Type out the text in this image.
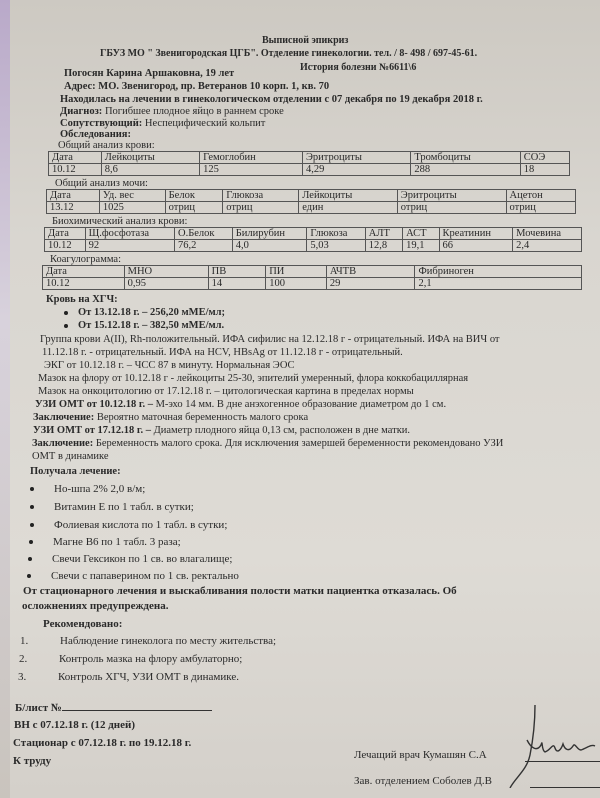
Выписной эпикриз
ГБУЗ МО " Звенигородская ЦГБ". Отделение гинекологии. тел. / 8- 498 / 697-45-61.
История болезни №6611\6
Погосян Карина Аршаковна, 19 лет
Адрес: МО. Звенигород, пр. Ветеранов 10 корп. 1, кв. 70
Находилась на лечении в гинекологическом отделении с 07 декабря по 19 декабря 2018 г.
Диагноз: Погибшее плодное яйцо в раннем сроке
Сопутствующий: Неспецифический кольпит
Обследования:
Общий анализ крови:
Дата	Лейкоциты	Гемоглобин	Эритроциты	Тромбоциты	СОЭ
10.12	8,6	125	4,29	288	18
Общий анализ мочи:
Дата	Уд. вес	Белок	Глюкоза	Лейкоциты	Эритроциты	Ацетон
13.12	1025	отриц	отриц	един	отриц	отриц
Биохимический анализ крови:
Дата	Щ.фосфотаза	О.Белок	Билирубин	Глюкоза	АЛТ	АСТ	Креатинин	Мочевина
10.12	92	76,2	4,0	5,03	12,8	19,1	66	2,4
Коагулограмма:
Дата	МНО	ПВ	ПИ	АЧТВ	Фибриноген
10.12	0,95	14	100	29	2,1
Кровь на ХГЧ:
От 13.12.18 г. – 256,20 мМЕ/мл;
От 15.12.18 г. – 382,50 мМЕ/мл.
Группа крови А(II), Rh-положительный. ИФА сифилис на 12.12.18 г - отрицательный. ИФА на ВИЧ от
11.12.18 г. - отрицательный. ИФА на HCV, HBsAg от 11.12.18 г - отрицательный.
ЭКГ от 10.12.18 г. – ЧСС 87 в минуту. Нормальная ЭОС
Мазок на флору от 10.12.18 г - лейкоциты 25-30, эпителий умеренный, флора коккобациллярная
Мазок на онкоцитологию от 17.12.18 г. – цитологическая картина в пределах нормы
УЗИ ОМТ от 10.12.18 г. – М-эхо 14 мм. В дне анэхогенное образование диаметром до 1 см.
Заключение: Вероятно маточная беременность малого срока
УЗИ ОМТ от 17.12.18 г. – Диаметр плодного яйца 0,13 см, расположен в дне матки.
Заключение: Беременность малого срока. Для исключения замершей беременности рекомендовано УЗИ
ОМТ в динамике
Получала лечение:
Но-шпа 2% 2,0 в/м;
Витамин Е по 1 табл. в сутки;
Фолиевая кислота по 1 табл. в сутки;
Магне В6 по 1 табл. 3 раза;
Свечи Гексикон по 1 св. во влагалище;
Свечи с папаверином по 1 св. ректально
От стационарного лечения и выскабливания полости матки пациентка отказалась. Об
осложнениях предупреждена.
Рекомендовано:
1.	Наблюдение гинеколога по месту жительства;
2.	Контроль мазка на флору амбулаторно;
3.	Контроль ХГЧ, УЗИ ОМТ в динамике.
Б/лист №
ВН с 07.12.18 г. (12 дней)
Стационар с 07.12.18 г. по 19.12.18 г.
К труду	Лечащий врач Кумашян С.А
Зав. отделением Соболев Д.В
